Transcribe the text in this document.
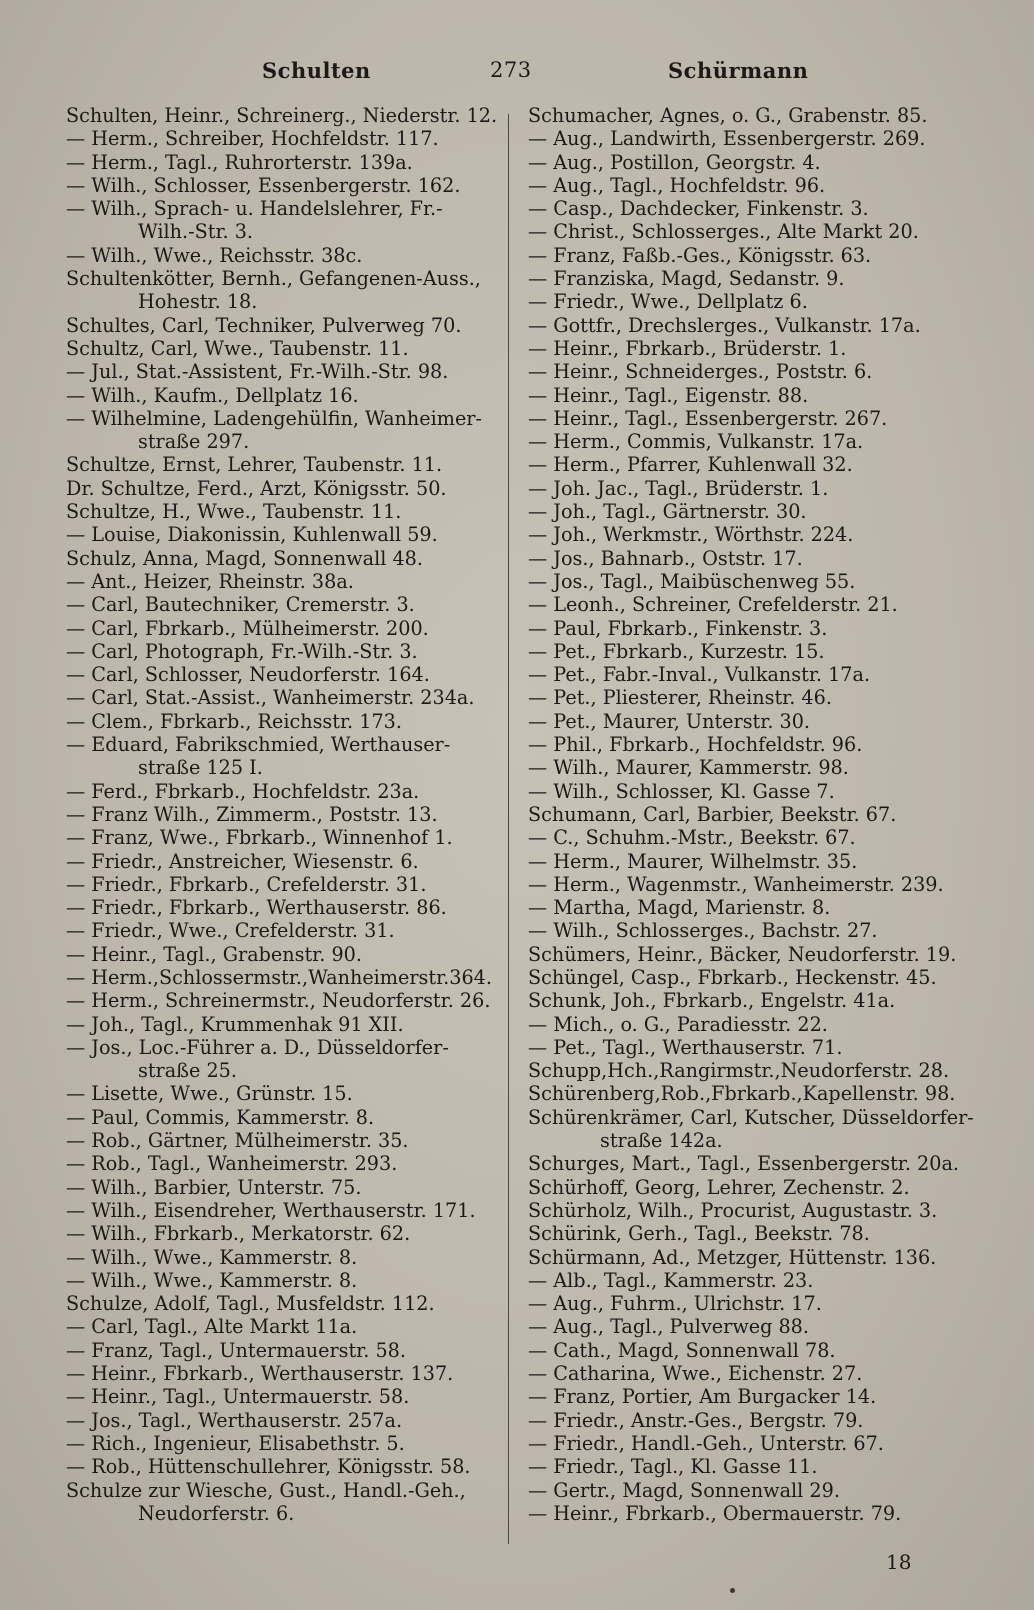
Schulten	273	Schürmann
Schulten, Heinr., Schreinerg., Niederstr. 12.
— Herm., Schreiber, Hochfeldstr. 117.
— Herm., Tagl., Ruhrorterstr. 139a.
— Wilh., Schlosser, Essenbergerstr. 162.
— Wilh., Sprach- u. Handelslehrer, Fr.-
Wilh.-Str. 3.
— Wilh., Wwe., Reichsstr. 38c.
Schultenkötter, Bernh., Gefangenen-Auss.,
Hohestr. 18.
Schultes, Carl, Techniker, Pulverweg 70.
Schultz, Carl, Wwe., Taubenstr. 11.
— Jul., Stat.-Assistent, Fr.-Wilh.-Str. 98.
— Wilh., Kaufm., Dellplatz 16.
— Wilhelmine, Ladengehülfin, Wanheimer-
straße 297.
Schultze, Ernst, Lehrer, Taubenstr. 11.
Dr. Schultze, Ferd., Arzt, Königsstr. 50.
Schultze, H., Wwe., Taubenstr. 11.
— Louise, Diakonissin, Kuhlenwall 59.
Schulz, Anna, Magd, Sonnenwall 48.
— Ant., Heizer, Rheinstr. 38a.
— Carl, Bautechniker, Cremerstr. 3.
— Carl, Fbrkarb., Mülheimerstr. 200.
— Carl, Photograph, Fr.-Wilh.-Str. 3.
— Carl, Schlosser, Neudorferstr. 164.
— Carl, Stat.-Assist., Wanheimerstr. 234a.
— Clem., Fbrkarb., Reichsstr. 173.
— Eduard, Fabrikschmied, Werthauser-
straße 125 I.
— Ferd., Fbrkarb., Hochfeldstr. 23a.
— Franz Wilh., Zimmerm., Poststr. 13.
— Franz, Wwe., Fbrkarb., Winnenhof 1.
— Friedr., Anstreicher, Wiesenstr. 6.
— Friedr., Fbrkarb., Crefelderstr. 31.
— Friedr., Fbrkarb., Werthauserstr. 86.
— Friedr., Wwe., Crefelderstr. 31.
— Heinr., Tagl., Grabenstr. 90.
— Herm.,Schlossermstr.,Wanheimerstr.364.
— Herm., Schreinermstr., Neudorferstr. 26.
— Joh., Tagl., Krummenhak 91 XII.
— Jos., Loc.-Führer a. D., Düsseldorfer-
straße 25.
— Lisette, Wwe., Grünstr. 15.
— Paul, Commis, Kammerstr. 8.
— Rob., Gärtner, Mülheimerstr. 35.
— Rob., Tagl., Wanheimerstr. 293.
— Wilh., Barbier, Unterstr. 75.
— Wilh., Eisendreher, Werthauserstr. 171.
— Wilh., Fbrkarb., Merkatorstr. 62.
— Wilh., Wwe., Kammerstr. 8.
— Wilh., Wwe., Kammerstr. 8.
Schulze, Adolf, Tagl., Musfeldstr. 112.
— Carl, Tagl., Alte Markt 11a.
— Franz, Tagl., Untermauerstr. 58.
— Heinr., Fbrkarb., Werthauserstr. 137.
— Heinr., Tagl., Untermauerstr. 58.
— Jos., Tagl., Werthauserstr. 257a.
— Rich., Ingenieur, Elisabethstr. 5.
— Rob., Hüttenschullehrer, Königsstr. 58.
Schulze zur Wiesche, Gust., Handl.-Geh.,
Neudorferstr. 6.
Schumacher, Agnes, o. G., Grabenstr. 85.
— Aug., Landwirth, Essenbergerstr. 269.
— Aug., Postillon, Georgstr. 4.
— Aug., Tagl., Hochfeldstr. 96.
— Casp., Dachdecker, Finkenstr. 3.
— Christ., Schlosserges., Alte Markt 20.
— Franz, Faßb.-Ges., Königsstr. 63.
— Franziska, Magd, Sedanstr. 9.
— Friedr., Wwe., Dellplatz 6.
— Gottfr., Drechslerges., Vulkanstr. 17a.
— Heinr., Fbrkarb., Brüderstr. 1.
— Heinr., Schneiderges., Poststr. 6.
— Heinr., Tagl., Eigenstr. 88.
— Heinr., Tagl., Essenbergerstr. 267.
— Herm., Commis, Vulkanstr. 17a.
— Herm., Pfarrer, Kuhlenwall 32.
— Joh. Jac., Tagl., Brüderstr. 1.
— Joh., Tagl., Gärtnerstr. 30.
— Joh., Werkmstr., Wörthstr. 224.
— Jos., Bahnarb., Oststr. 17.
— Jos., Tagl., Maibüschenweg 55.
— Leonh., Schreiner, Crefelderstr. 21.
— Paul, Fbrkarb., Finkenstr. 3.
— Pet., Fbrkarb., Kurzestr. 15.
— Pet., Fabr.-Inval., Vulkanstr. 17a.
— Pet., Pliesterer, Rheinstr. 46.
— Pet., Maurer, Unterstr. 30.
— Phil., Fbrkarb., Hochfeldstr. 96.
— Wilh., Maurer, Kammerstr. 98.
— Wilh., Schlosser, Kl. Gasse 7.
Schumann, Carl, Barbier, Beekstr. 67.
— C., Schuhm.-Mstr., Beekstr. 67.
— Herm., Maurer, Wilhelmstr. 35.
— Herm., Wagenmstr., Wanheimerstr. 239.
— Martha, Magd, Marienstr. 8.
— Wilh., Schlosserges., Bachstr. 27.
Schümers, Heinr., Bäcker, Neudorferstr. 19.
Schüngel, Casp., Fbrkarb., Heckenstr. 45.
Schunk, Joh., Fbrkarb., Engelstr. 41a.
— Mich., o. G., Paradiesstr. 22.
— Pet., Tagl., Werthauserstr. 71.
Schupp,Hch.,Rangirmstr.,Neudorferstr. 28.
Schürenberg,Rob.,Fbrkarb.,Kapellenstr. 98.
Schürenkrämer, Carl, Kutscher, Düsseldorfer-
straße 142a.
Schurges, Mart., Tagl., Essenbergerstr. 20a.
Schürhoff, Georg, Lehrer, Zechenstr. 2.
Schürholz, Wilh., Procurist, Augustastr. 3.
Schürink, Gerh., Tagl., Beekstr. 78.
Schürmann, Ad., Metzger, Hüttenstr. 136.
— Alb., Tagl., Kammerstr. 23.
— Aug., Fuhrm., Ulrichstr. 17.
— Aug., Tagl., Pulverweg 88.
— Cath., Magd, Sonnenwall 78.
— Catharina, Wwe., Eichenstr. 27.
— Franz, Portier, Am Burgacker 14.
— Friedr., Anstr.-Ges., Bergstr. 79.
— Friedr., Handl.-Geh., Unterstr. 67.
— Friedr., Tagl., Kl. Gasse 11.
— Gertr., Magd, Sonnenwall 29.
— Heinr., Fbrkarb., Obermauerstr. 79.
18
